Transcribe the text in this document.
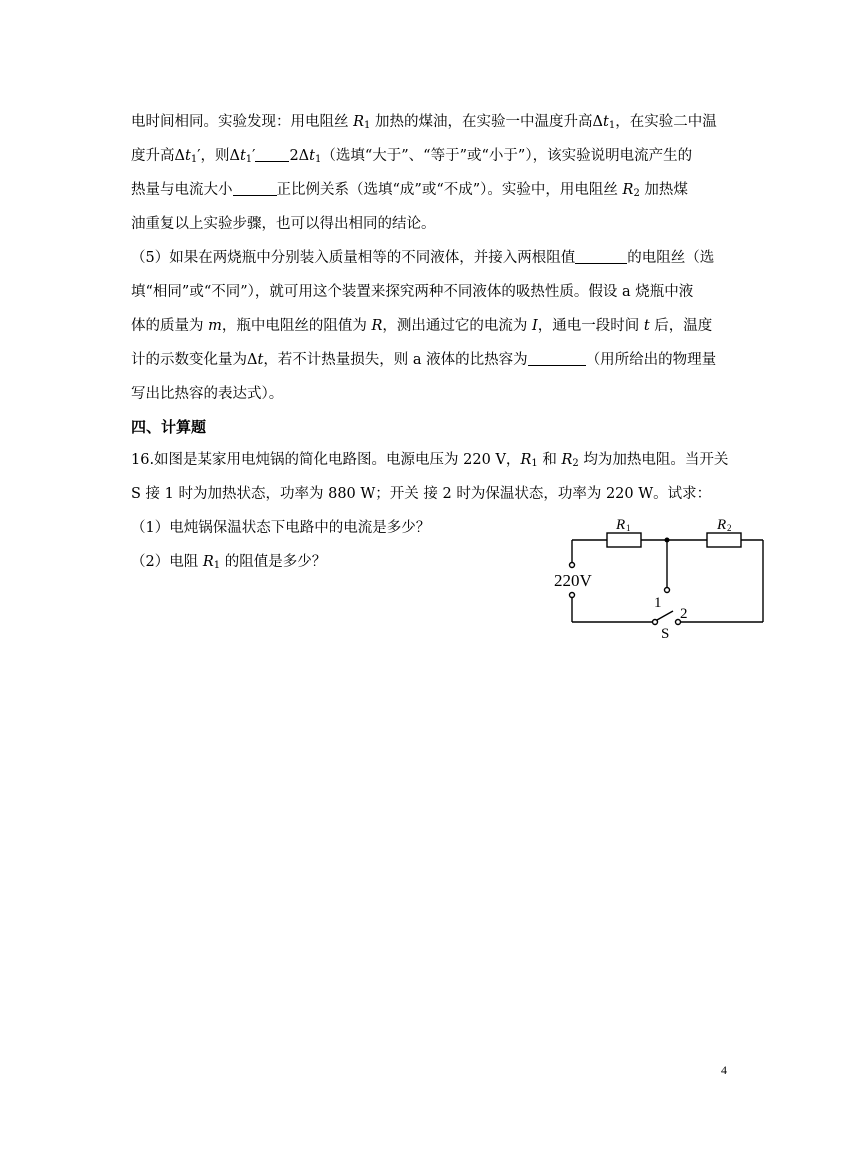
电时间相同。实验发现：用电阻丝 $R_1$ 加热的煤油，在实验一中温度升高$\Delta t_1$，在实验二中温
度升高$\Delta t_1'$，则$\Delta t_1'$ $2\Delta t_1$（选填“大于”、“等于”或“小于”），该实验说明电流产生的
热量与电流大小	正比例关系（选填“成”或“不成”）。实验中，用电阻丝 $R_2$ 加热煤
油重复以上实验步骤，也可以得出相同的结论。
（5）如果在两烧瓶中分别装入质量相等的不同液体，并接入两根阻值	的电阻丝（选
填“相同”或“不同”），就可用这个装置来探究两种不同液体的吸热性质。假设 a 烧瓶中液
体的质量为 m，瓶中电阻丝的阻值为 R，测出通过它的电流为 I，通电一段时间 t 后，温度
计的示数变化量为Δt，若不计热量损失，则 a 液体的比热容为	（用所给出的物理量
写出比热容的表达式）。
四、计算题
16.如图是某家用电炖锅的简化电路图。电源电压为 220 V，$R_1$ 和 $R_2$ 均为加热电阻。当开关
S 接 1 时为加热状态，功率为 880 W；开关 接 2 时为保温状态，功率为 220 W。试求：
（1）电炖锅保温状态下电路中的电流是多少？
（2）电阻 $R_1$ 的阻值是多少？
R 1	R 2
220V
1
2
S
4
